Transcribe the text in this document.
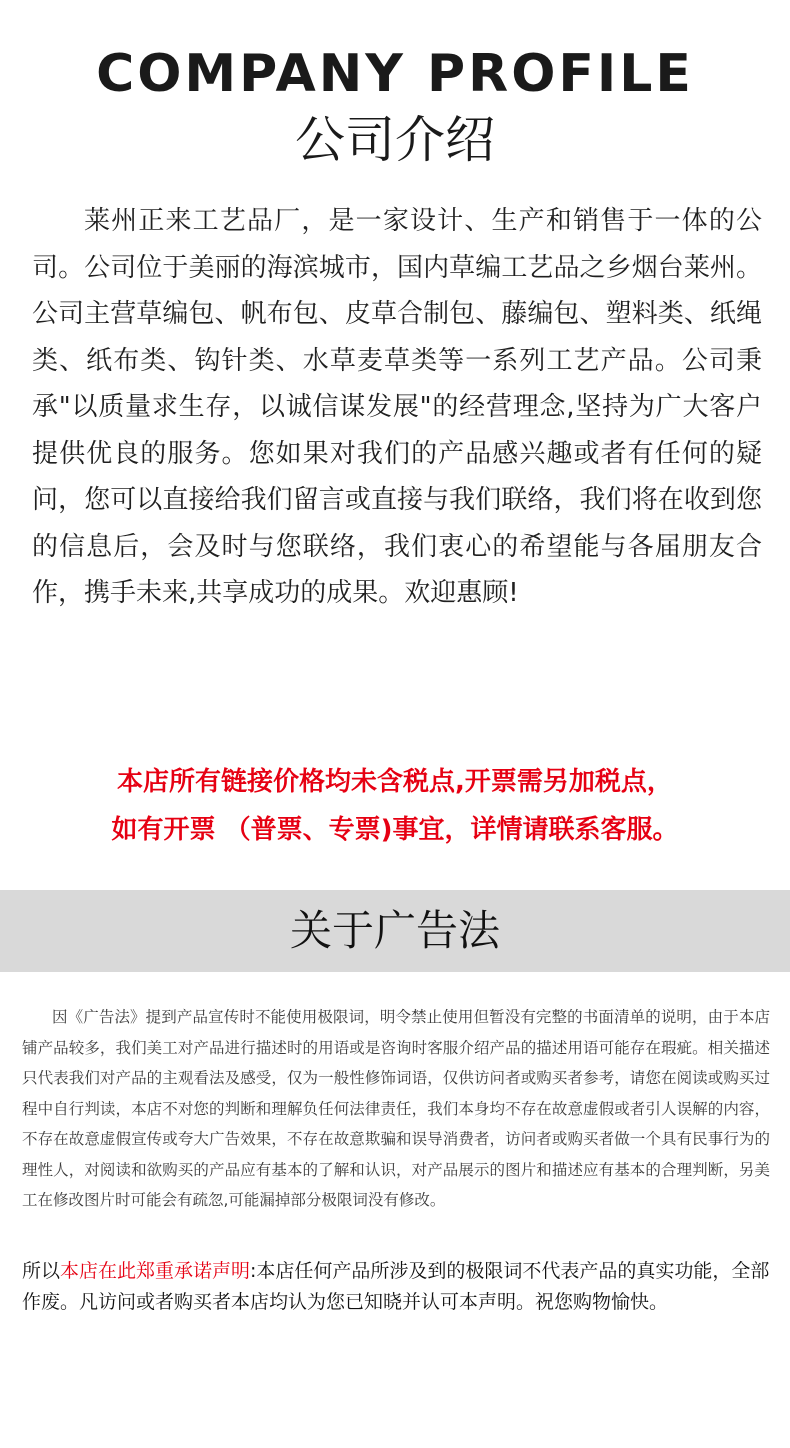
COMPANY PROFILE
公司介绍

莱州正来工艺品厂，是一家设计、生产和销售于一体的公司。公司位于美丽的海滨城市，国内草编工艺品之乡烟台莱州。公司主营草编包、帆布包、皮草合制包、藤编包、塑料类、纸绳类、纸布类、钩针类、水草麦草类等一系列工艺产品。公司秉承"以质量求生存，以诚信谋发展"的经营理念,坚持为广大客户提供优良的服务。您如果对我们的产品感兴趣或者有任何的疑问，您可以直接给我们留言或直接与我们联络，我们将在收到您的信息后，会及时与您联络，我们衷心的希望能与各届朋友合作，携手未来,共享成功的成果。欢迎惠顾!

本店所有链接价格均未含税点,开票需另加税点，
如有开票 （普票、专票)事宜，详情请联系客服。
关于广告法

因《广告法》提到产品宣传时不能使用极限词，明令禁止使用但暂没有完整的书面清单的说明，由于本店铺产品较多，我们美工对产品进行描述时的用语或是咨询时客服介绍产品的描述用语可能存在瑕疵。相关描述只代表我们对产品的主观看法及感受，仅为一般性修饰词语，仅供访问者或购买者参考，请您在阅读或购买过程中自行判读，本店不对您的判断和理解负任何法律责任，我们本身均不存在故意虚假或者引人误解的内容，不存在故意虚假宣传或夸大广告效果，不存在故意欺骗和误导消费者，访问者或购买者做一个具有民事行为的理性人，对阅读和欲购买的产品应有基本的了解和认识，对产品展示的图片和描述应有基本的合理判断，另美工在修改图片时可能会有疏忽,可能漏掉部分极限词没有修改。

所以本店在此郑重承诺声明:本店任何产品所涉及到的极限词不代表产品的真实功能，全部作废。凡访问或者购买者本店均认为您已知晓并认可本声明。祝您购物愉快。
